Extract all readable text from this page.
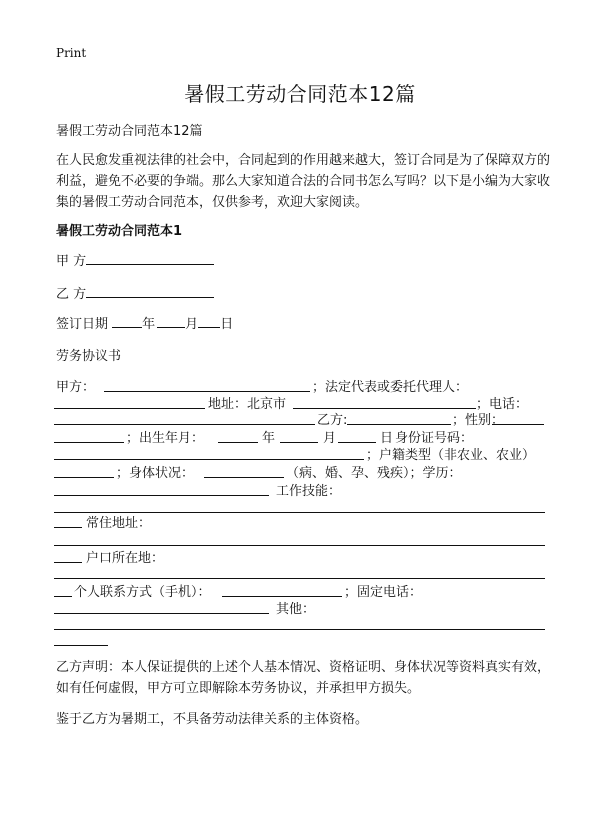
Print
暑假工劳动合同范本12篇
暑假工劳动合同范本12篇
在人民愈发重视法律的社会中，合同起到的作用越来越大，签订合同是为了保障双方的利益，避免不必要的争端。那么大家知道合法的合同书怎么写吗？以下是小编为大家收集的暑假工劳动合同范本，仅供参考，欢迎大家阅读。
暑假工劳动合同范本1
甲 方
乙 方
签订日期	年 月 日
劳务协议书
甲方：	；法定代表或委托代理人：
地址：北京市	；电话：
乙方:	；性别：
；出生年月：	年	月	日 身份证号码：
；户籍类型（非农业、农业）
；身体状况：	（病、婚、孕、残疾）；学历：
工作技能：
常住地址：
户口所在地：
个人联系方式（手机）：	；固定电话：
其他：
乙方声明：本人保证提供的上述个人基本情况、资格证明、身体状况等资料真实有效，如有任何虚假，甲方可立即解除本劳务协议，并承担甲方损失。
鉴于乙方为暑期工，不具备劳动法律关系的主体资格。
